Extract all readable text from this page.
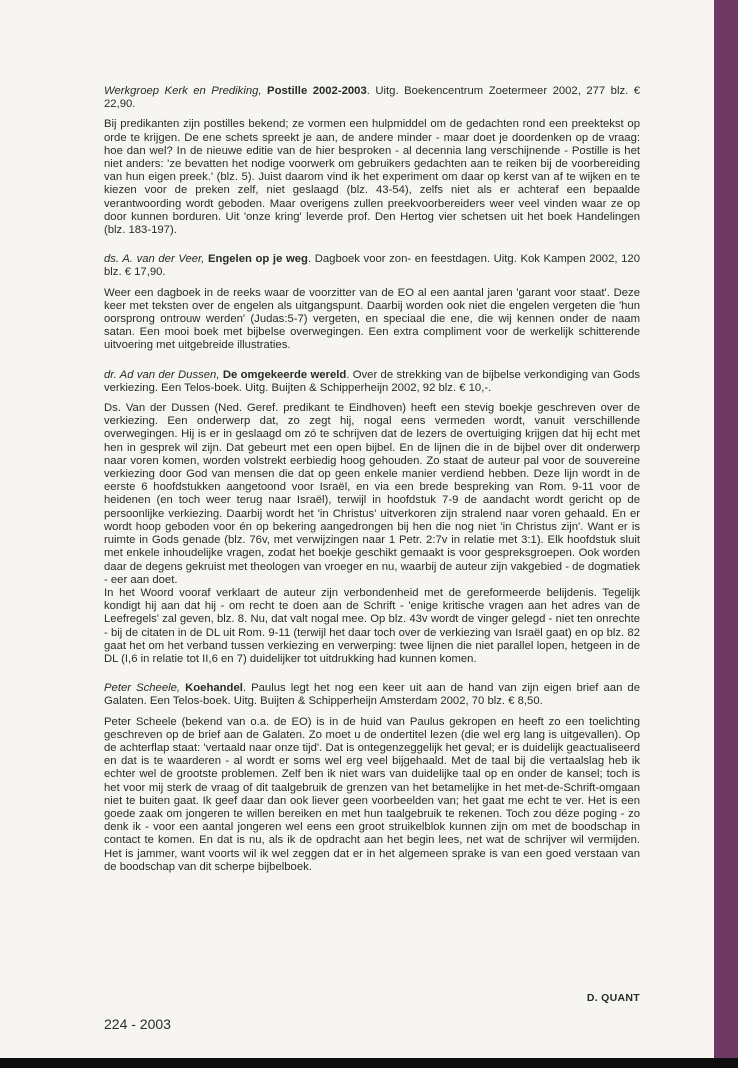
Werkgroep Kerk en Prediking, Postille 2002-2003. Uitg. Boekencentrum Zoetermeer 2002, 277 blz. € 22,90.

Bij predikanten zijn postilles bekend; ze vormen een hulpmiddel om de gedachten rond een preektekst op orde te krijgen. De ene schets spreekt je aan, de andere minder - maar doet je doordenken op de vraag: hoe dan wel? In de nieuwe editie van de hier besproken - al decennia lang verschijnende - Postille is het niet anders: 'ze bevatten het nodige voorwerk om gebruikers gedachten aan te reiken bij de voorbereiding van hun eigen preek.' (blz. 5). Juist daarom vind ik het experiment om daar op kerst van af te wijken en te kiezen voor de preken zelf, niet geslaagd (blz. 43-54), zelfs niet als er achteraf een bepaalde verantwoording wordt geboden. Maar overigens zullen preekvoorbereiders weer veel vinden waar ze op door kunnen borduren. Uit 'onze kring' leverde prof. Den Hertog vier schetsen uit het boek Handelingen (blz. 183-197).

ds. A. van der Veer, Engelen op je weg. Dagboek voor zon- en feestdagen. Uitg. Kok Kampen 2002, 120 blz. € 17,90.

Weer een dagboek in de reeks waar de voorzitter van de EO al een aantal jaren 'garant voor staat'. Deze keer met teksten over de engelen als uitgangspunt. Daarbij worden ook niet die engelen vergeten die 'hun oorsprong ontrouw werden' (Judas:5-7) vergeten, en speciaal die ene, die wij kennen onder de naam satan. Een mooi boek met bijbelse overwegingen. Een extra compliment voor de werkelijk schitterende uitvoering met uitgebreide illustraties.

dr. Ad van der Dussen, De omgekeerde wereld. Over de strekking van de bijbelse verkondiging van Gods verkiezing. Een Telos-boek. Uitg. Buijten & Schipperheijn 2002, 92 blz. € 10,-.

Ds. Van der Dussen (Ned. Geref. predikant te Eindhoven) heeft een stevig boekje geschreven over de verkiezing. Een onderwerp dat, zo zegt hij, nogal eens vermeden wordt, vanuit verschillende overwegingen. Hij is er in geslaagd om zó te schrijven dat de lezers de overtuiging krijgen dat hij echt met hen in gesprek wil zijn. Dat gebeurt met een open bijbel. En de lijnen die in de bijbel over dit onderwerp naar voren komen, worden volstrekt eerbiedig hoog gehouden. Zo staat de auteur pal voor de souvereine verkiezing door God van mensen die dat op geen enkele manier verdiend hebben. Deze lijn wordt in de eerste 6 hoofdstukken aangetoond voor Israël, en via een brede bespreking van Rom. 9-11 voor de heidenen (en toch weer terug naar Israël), terwijl in hoofdstuk 7-9 de aandacht wordt gericht op de persoonlijke verkiezing. Daarbij wordt het 'in Christus' uitverkoren zijn stralend naar voren gehaald. En er wordt hoop geboden voor én op bekering aangedrongen bij hen die nog niet 'in Christus zijn'. Want er is ruimte in Gods genade (blz. 76v, met verwijzingen naar 1 Petr. 2:7v in relatie met 3:1). Elk hoofdstuk sluit met enkele inhoudelijke vragen, zodat het boekje geschikt gemaakt is voor gespreksgroepen. Ook worden daar de degens gekruist met theologen van vroeger en nu, waarbij de auteur zijn vakgebied - de dogmatiek - eer aan doet.

In het Woord vooraf verklaart de auteur zijn verbondenheid met de gereformeerde belijdenis. Tegelijk kondigt hij aan dat hij - om recht te doen aan de Schrift - 'enige kritische vragen aan het adres van de Leefregels' zal geven, blz. 8. Nu, dat valt nogal mee. Op blz. 43v wordt de vinger gelegd - niet ten onrechte - bij de citaten in de DL uit Rom. 9-11 (terwijl het daar toch over de verkiezing van Israël gaat) en op blz. 82 gaat het om het verband tussen verkiezing en verwerping: twee lijnen die niet parallel lopen, hetgeen in de DL (I,6 in relatie tot II,6 en 7) duidelijker tot uitdrukking had kunnen komen.

Peter Scheele, Koehandel. Paulus legt het nog een keer uit aan de hand van zijn eigen brief aan de Galaten. Een Telos-boek. Uitg. Buijten & Schipperheijn Amsterdam 2002, 70 blz. € 8,50.

Peter Scheele (bekend van o.a. de EO) is in de huid van Paulus gekropen en heeft zo een toelichting geschreven op de brief aan de Galaten. Zo moet u de ondertitel lezen (die wel erg lang is uitgevallen). Op de achterflap staat: 'vertaald naar onze tijd'. Dat is ontegenzeggelijk het geval; er is duidelijk geactualiseerd en dat is te waarderen - al wordt er soms wel erg veel bijgehaald. Met de taal bij die vertaalslag heb ik echter wel de grootste problemen. Zelf ben ik niet wars van duidelijke taal op en onder de kansel; toch is het voor mij sterk de vraag of dit taalgebruik de grenzen van het betamelijke in het met-de-Schrift-omgaan niet te buiten gaat. Ik geef daar dan ook liever geen voorbeelden van; het gaat me echt te ver. Het is een goede zaak om jongeren te willen bereiken en met hun taalgebruik te rekenen. Toch zou déze poging - zo denk ik - voor een aantal jongeren wel eens een groot struikelblok kunnen zijn om met de boodschap in contact te komen. En dat is nu, als ik de opdracht aan het begin lees, net wat de schrijver wil vermijden. Het is jammer, want voorts wil ik wel zeggen dat er in het algemeen sprake is van een goed verstaan van de boodschap van dit scherpe bijbelboek.

D. QUANT
224 - 2003
